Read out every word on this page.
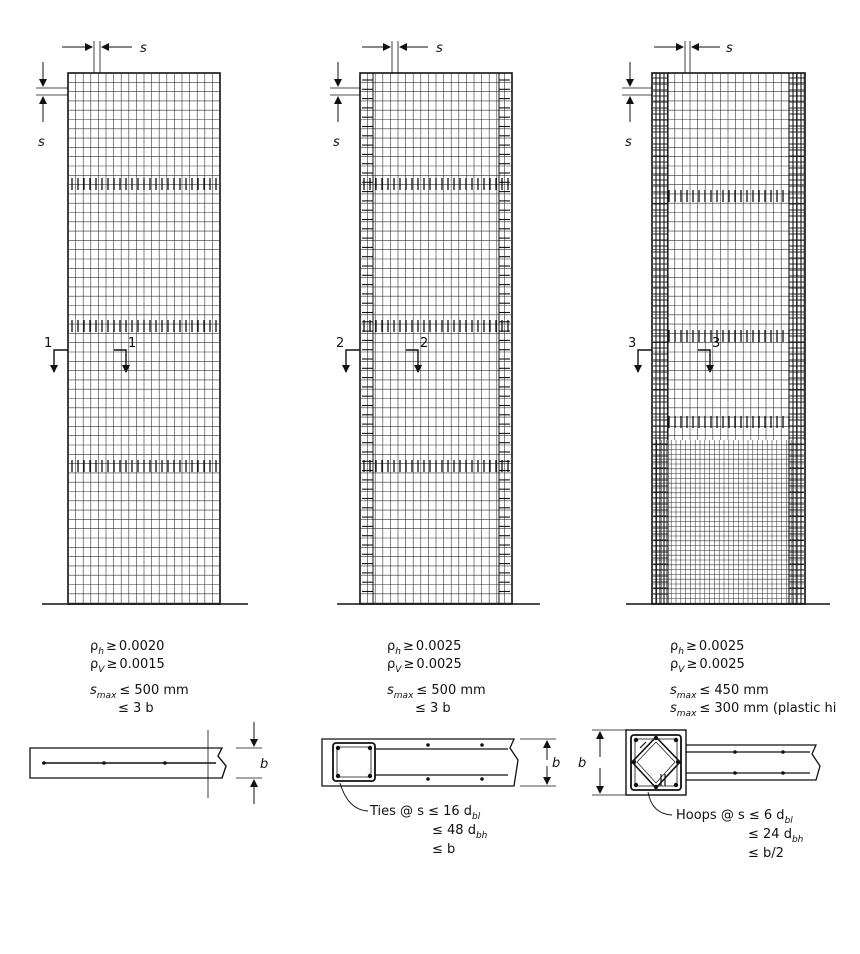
s
s
1	1
s
s
2	2
s
s
3	3
$\rho_h \ge 0.0020$
$\rho_V \ge 0.0015$
$s_{max} \le 500$ mm
≤ 3 b
$\rho_h \ge 0.0025$
$\rho_V \ge 0.0025$
$s_{max} \le 500$ mm
≤ 3 b
$\rho_h \ge 0.0025$
$\rho_V \ge 0.0025$
$s_{max} \le 450$ mm
$s_{max} \le 300$ mm (plastic hi
b	b
Ties @ s ≤ 16 $d_{bl}$
≤ 48 $d_{bh}$
≤ b
b
Hoops @ s ≤ 6 $d_{bl}$
≤ 24 $d_{bh}$
≤ b/2
